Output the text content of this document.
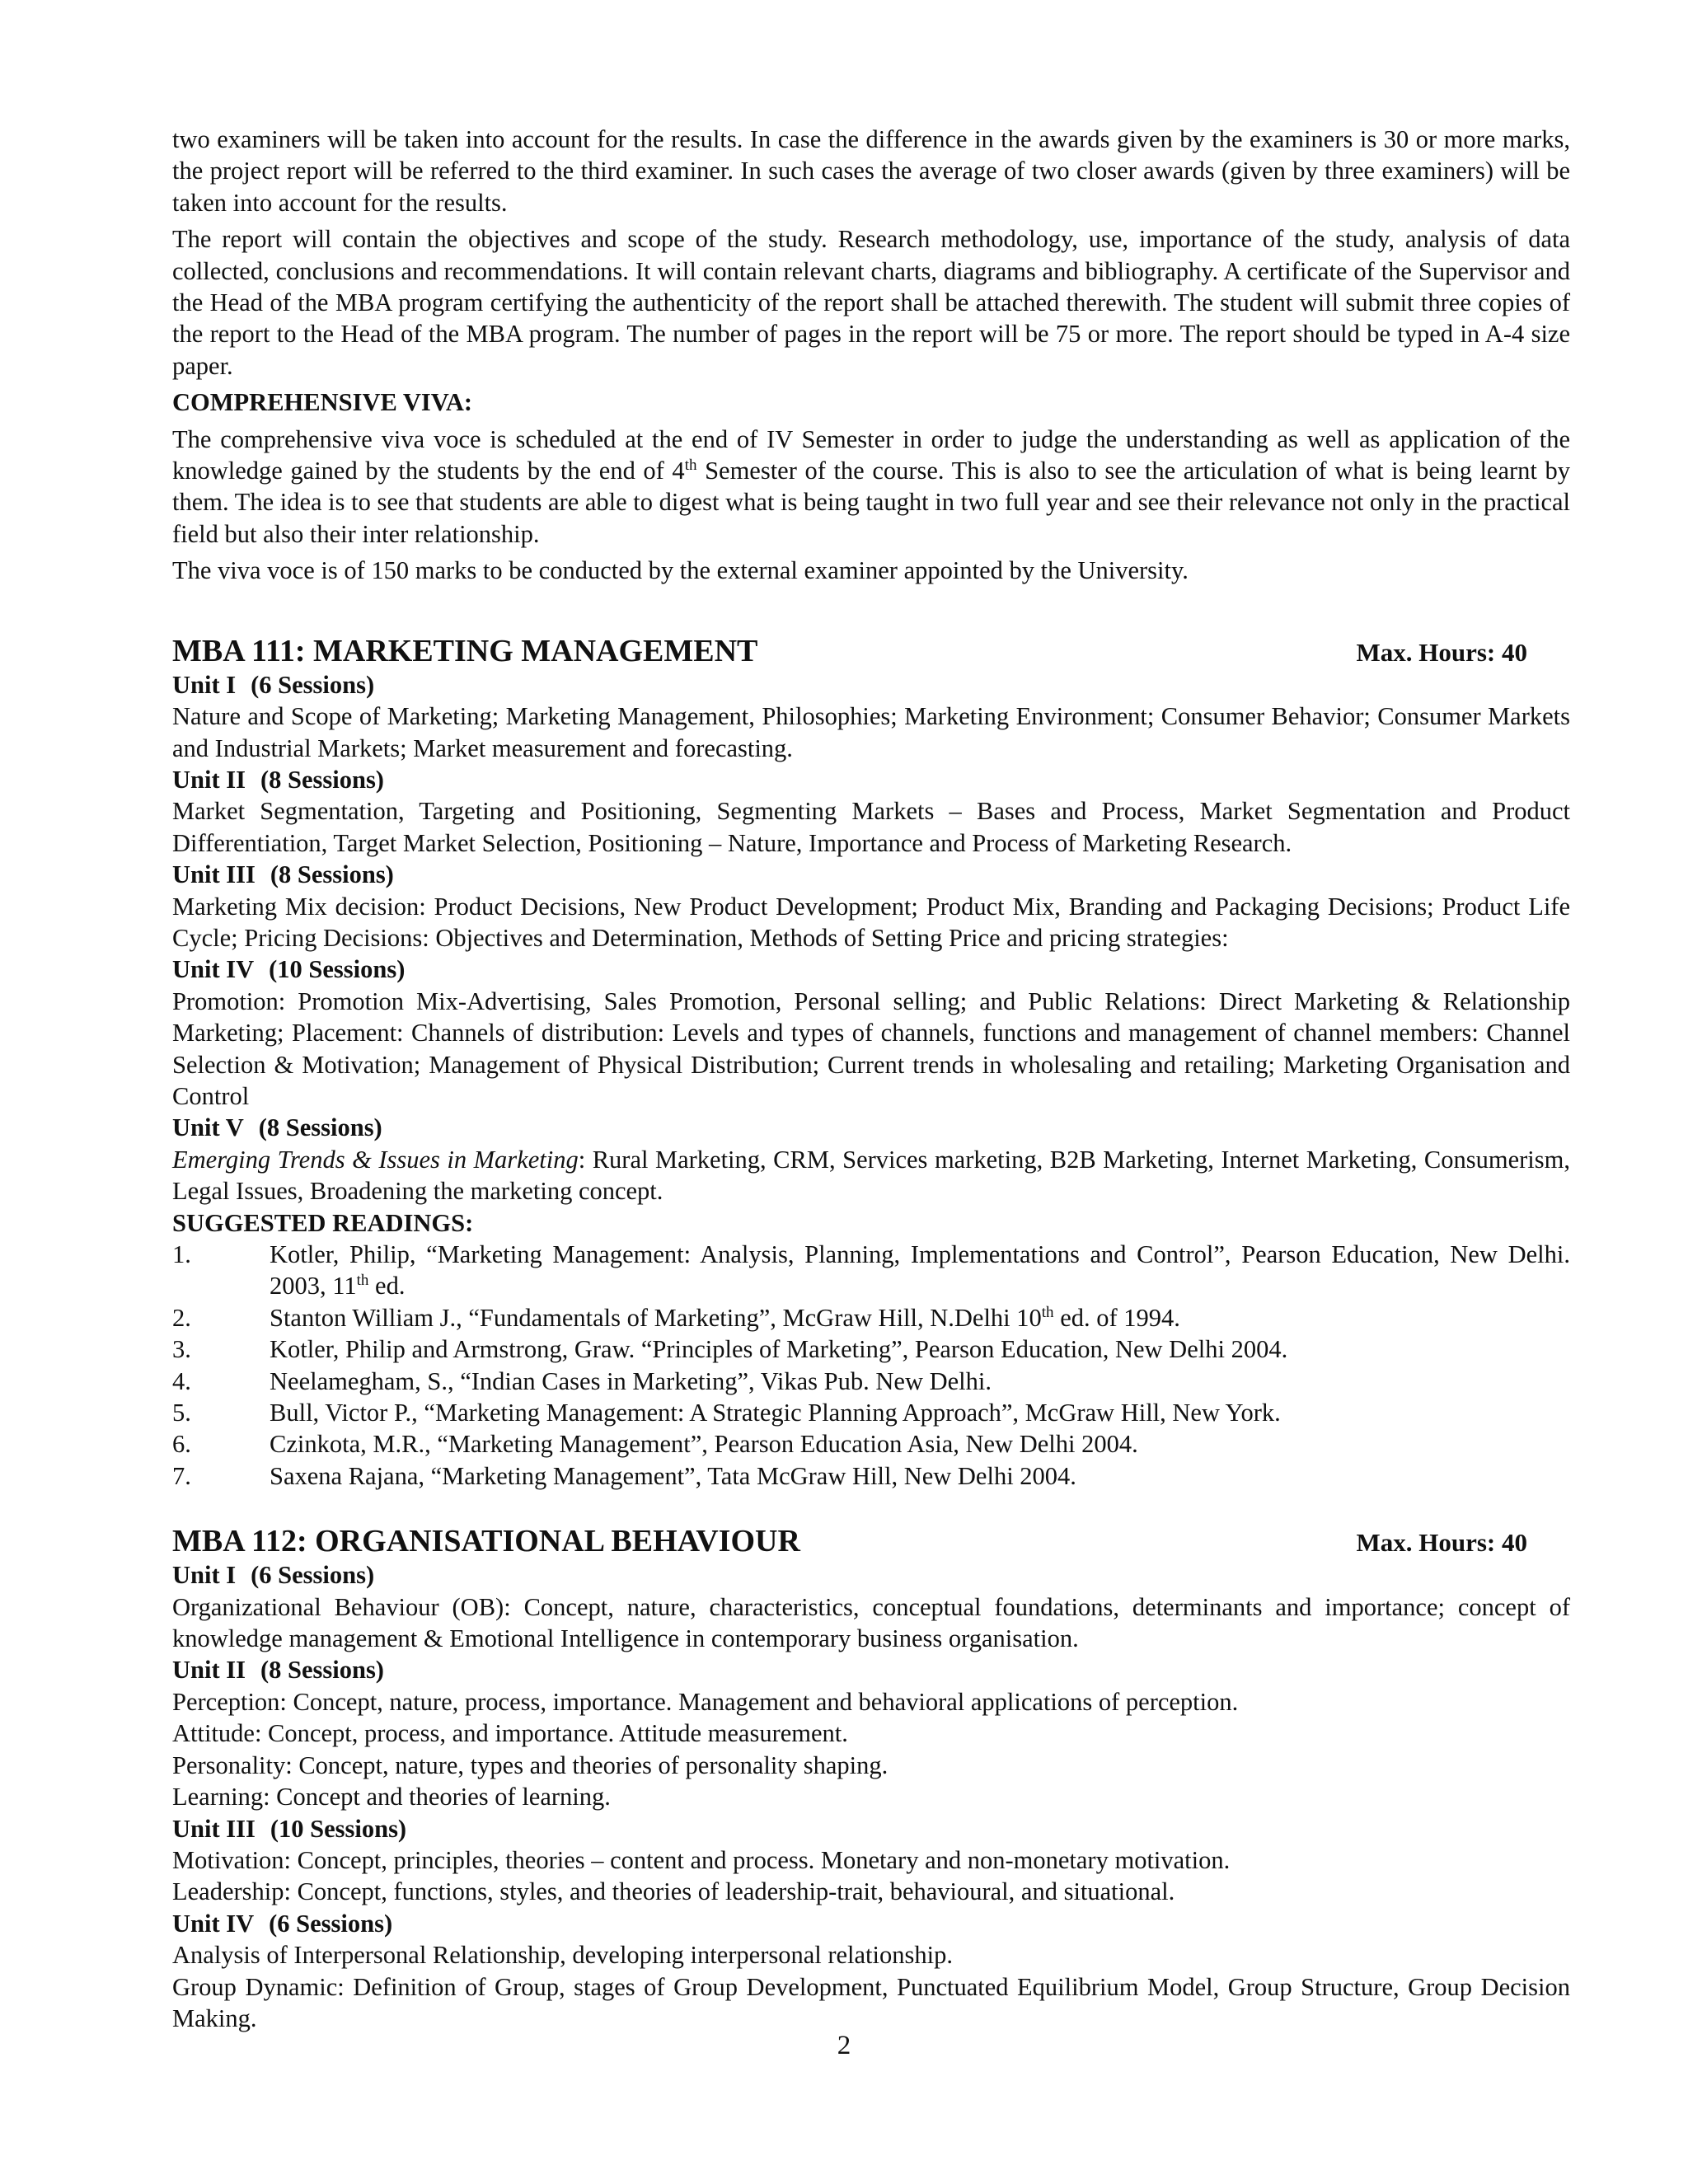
two examiners will be taken into account for the results. In case the difference in the awards given by the examiners is 30 or more marks, the project report will be referred to the third examiner. In such cases the average of two closer awards (given by three examiners) will be taken into account for the results.

The report will contain the objectives and scope of the study. Research methodology, use, importance of the study, analysis of data collected, conclusions and recommendations. It will contain relevant charts, diagrams and bibliography. A certificate of the Supervisor and the Head of the MBA program certifying the authenticity of the report shall be attached therewith. The student will submit three copies of the report to the Head of the MBA program. The number of pages in the report will be 75 or more. The report should be typed in A-4 size paper.

COMPREHENSIVE VIVA:

The comprehensive viva voce is scheduled at the end of IV Semester in order to judge the understanding as well as application of the knowledge gained by the students by the end of 4th Semester of the course. This is also to see the articulation of what is being learnt by them. The idea is to see that students are able to digest what is being taught in two full year and see their relevance not only in the practical field but also their inter relationship.

The viva voce is of 150 marks to be conducted by the external examiner appointed by the University.

MBA 111: MARKETING MANAGEMENT	Max. Hours: 40

Unit I (6 Sessions)

Nature and Scope of Marketing; Marketing Management, Philosophies; Marketing Environment; Consumer Behavior; Consumer Markets and Industrial Markets; Market measurement and forecasting.

Unit II (8 Sessions)

Market Segmentation, Targeting and Positioning, Segmenting Markets – Bases and Process, Market Segmentation and Product Differentiation, Target Market Selection, Positioning – Nature, Importance and Process of Marketing Research.

Unit III (8 Sessions)

Marketing Mix decision: Product Decisions, New Product Development; Product Mix, Branding and Packaging Decisions; Product Life Cycle; Pricing Decisions: Objectives and Determination, Methods of Setting Price and pricing strategies:

Unit IV (10 Sessions)

Promotion: Promotion Mix-Advertising, Sales Promotion, Personal selling; and Public Relations: Direct Marketing & Relationship Marketing; Placement: Channels of distribution: Levels and types of channels, functions and management of channel members: Channel Selection & Motivation; Management of Physical Distribution; Current trends in wholesaling and retailing; Marketing Organisation and Control

Unit V (8 Sessions)

Emerging Trends & Issues in Marketing: Rural Marketing, CRM, Services marketing, B2B Marketing, Internet Marketing, Consumerism, Legal Issues, Broadening the marketing concept.

SUGGESTED READINGS:

1.	Kotler, Philip, “Marketing Management: Analysis, Planning, Implementations and Control”, Pearson Education, New Delhi. 2003, 11th ed.
2.	Stanton William J., “Fundamentals of Marketing”, McGraw Hill, N.Delhi 10th ed. of 1994.
3.	Kotler, Philip and Armstrong, Graw. “Principles of Marketing”, Pearson Education, New Delhi 2004.
4.	Neelamegham, S., “Indian Cases in Marketing”, Vikas Pub. New Delhi.
5.	Bull, Victor P., “Marketing Management: A Strategic Planning Approach”, McGraw Hill, New York.
6.	Czinkota, M.R., “Marketing Management”, Pearson Education Asia, New Delhi 2004.
7.	Saxena Rajana, “Marketing Management”, Tata McGraw Hill, New Delhi 2004.
MBA 112: ORGANISATIONAL BEHAVIOUR	Max. Hours: 40

Unit I (6 Sessions)

Organizational Behaviour (OB): Concept, nature, characteristics, conceptual foundations, determinants and importance; concept of knowledge management & Emotional Intelligence in contemporary business organisation.

Unit II (8 Sessions)

Perception: Concept, nature, process, importance. Management and behavioral applications of perception.

Attitude: Concept, process, and importance. Attitude measurement.

Personality: Concept, nature, types and theories of personality shaping.

Learning: Concept and theories of learning.

Unit III (10 Sessions)

Motivation: Concept, principles, theories – content and process. Monetary and non-monetary motivation.

Leadership: Concept, functions, styles, and theories of leadership-trait, behavioural, and situational.

Unit IV (6 Sessions)

Analysis of Interpersonal Relationship, developing interpersonal relationship.

Group Dynamic: Definition of Group, stages of Group Development, Punctuated Equilibrium Model, Group Structure, Group Decision Making.

2
